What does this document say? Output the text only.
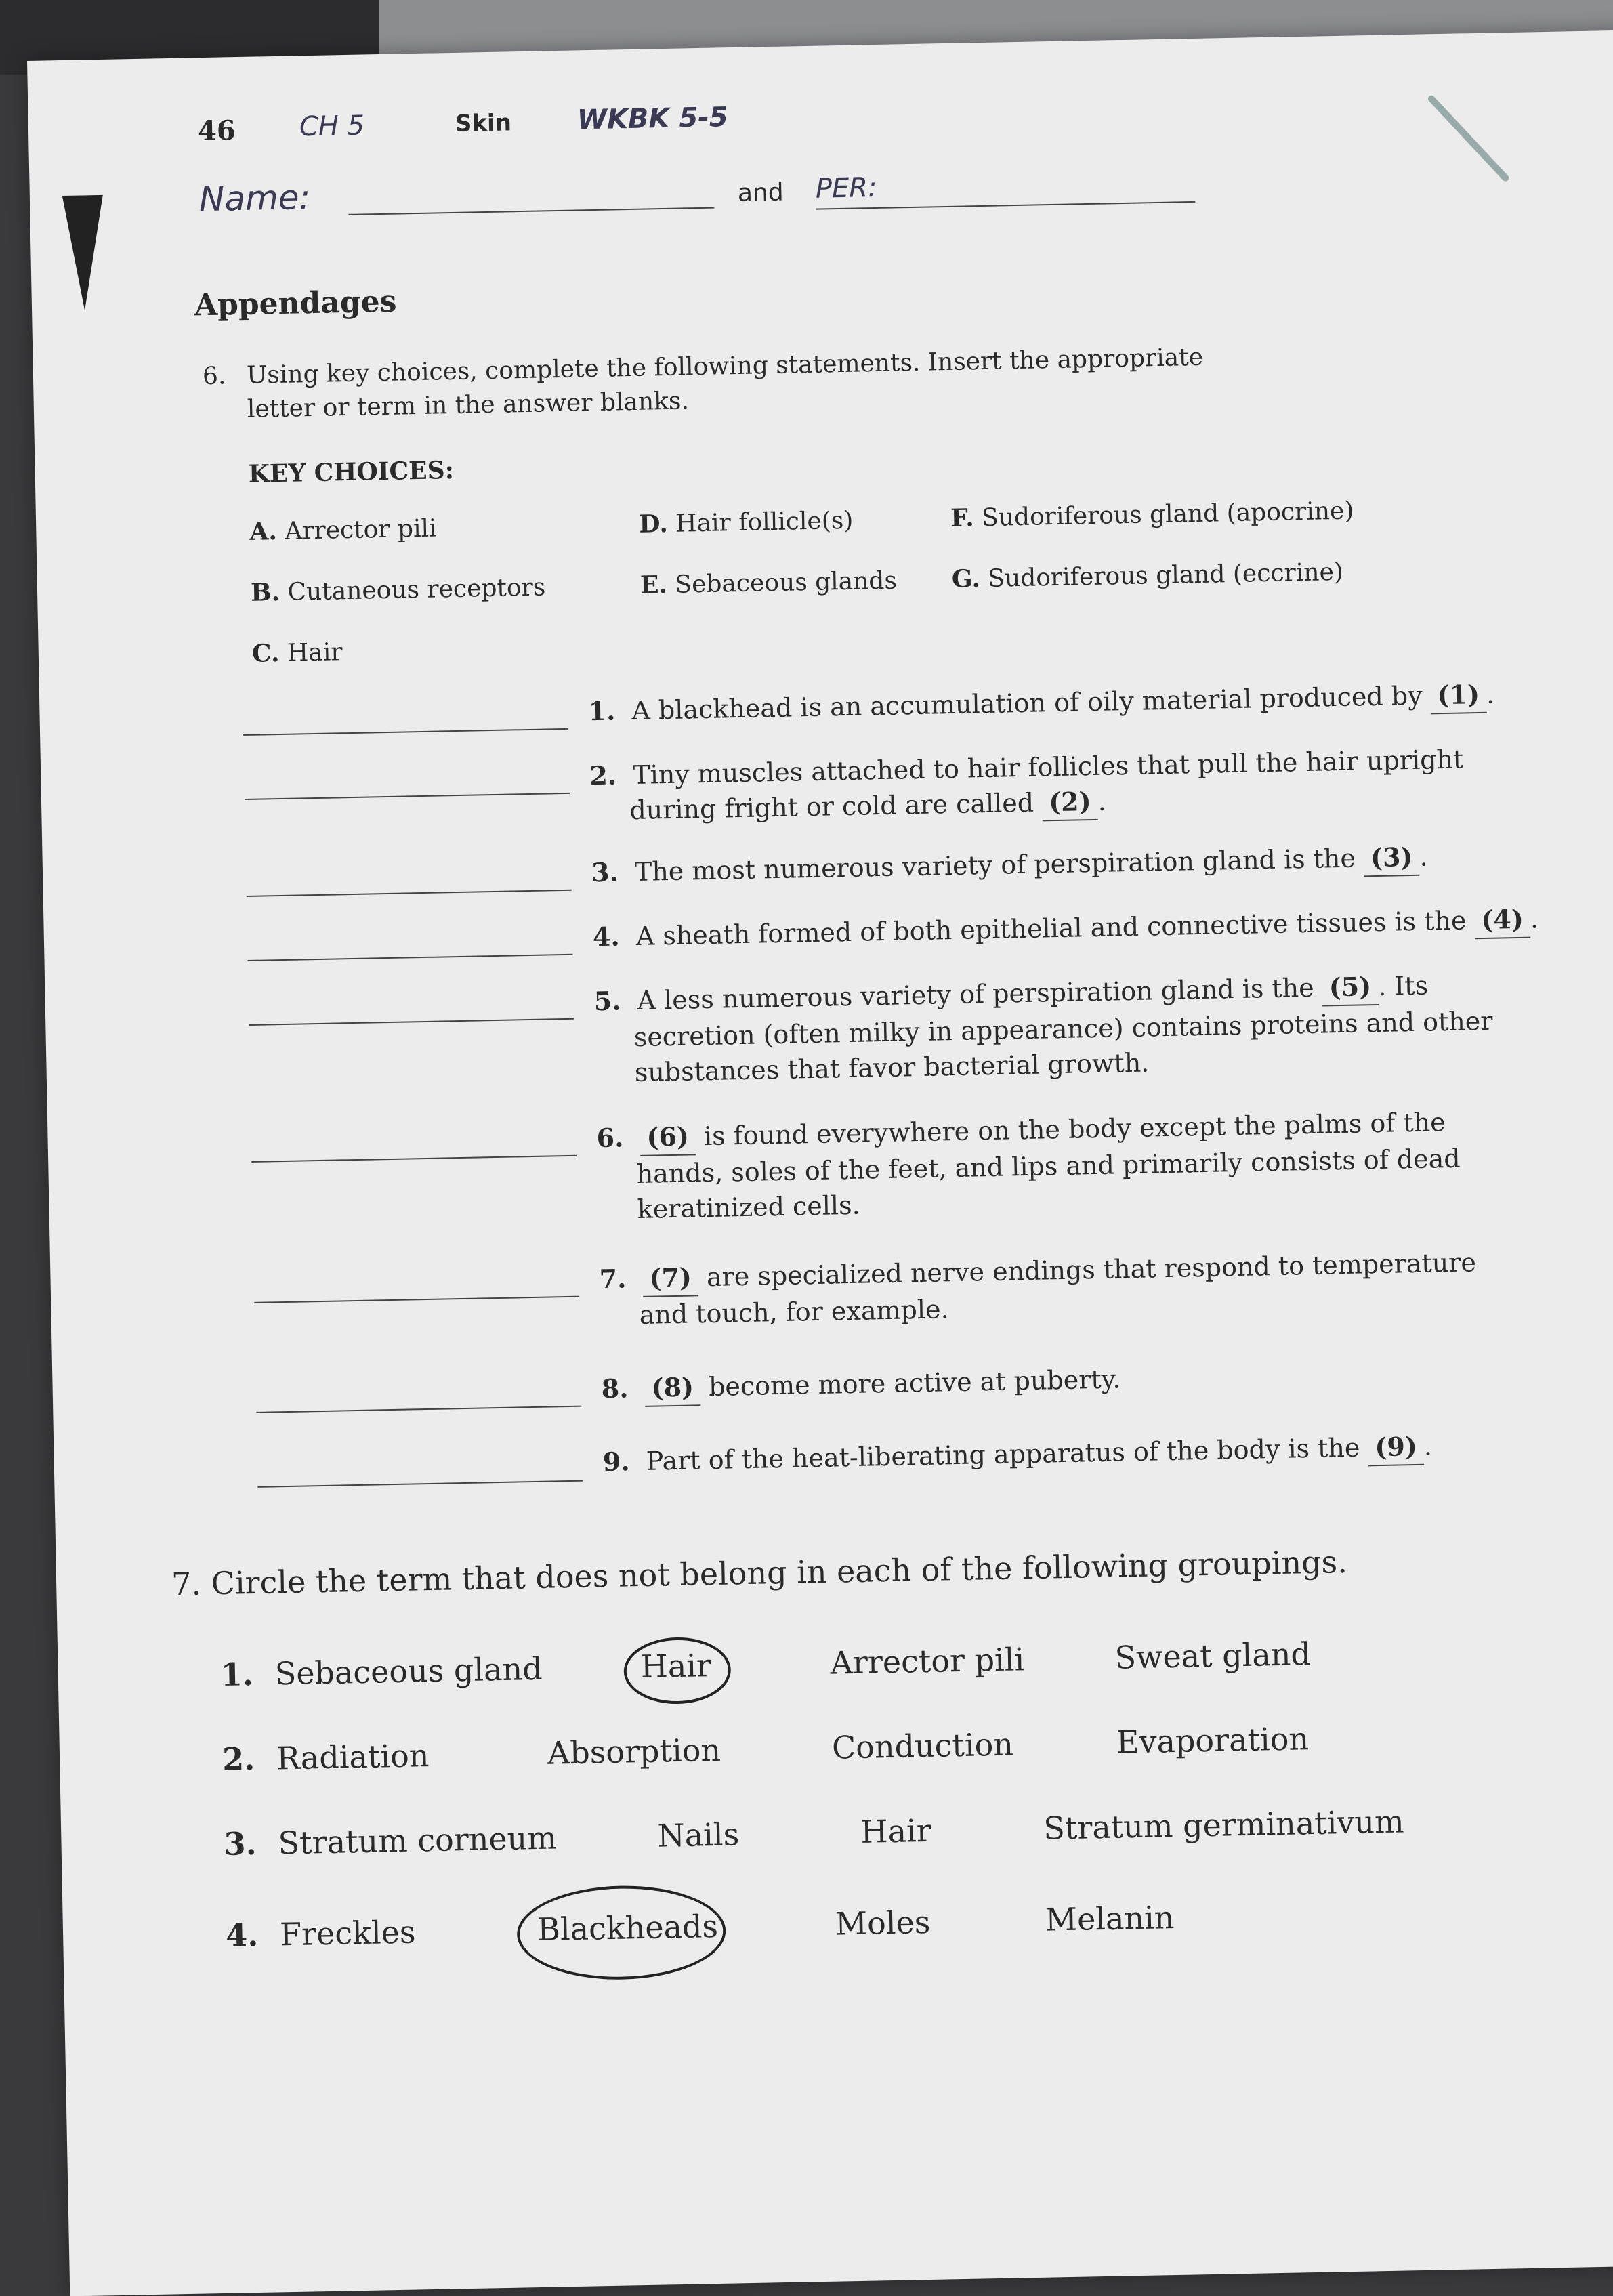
46 CH 5	Skin WKBK 5-5
Name:	and PER:
Appendages
6. Using key choices, complete the following statements. Insert the appropriate
letter or term in the answer blanks.
KEY CHOICES:
A. Arrector pili
B. Cutaneous receptors
C. Hair
D. Hair follicle(s)
E. Sebaceous glands
F. Sudoriferous gland (apocrine)
G. Sudoriferous gland (eccrine)
1. A blackhead is an accumulation of oily material produced by (1) .
2. Tiny muscles attached to hair follicles that pull the hair upright
during fright or cold are called (2) .
3. The most numerous variety of perspiration gland is the (3) .
4. A sheath formed of both epithelial and connective tissues is the (4) .
5. A less numerous variety of perspiration gland is the (5) . Its
secretion (often milky in appearance) contains proteins and other
substances that favor bacterial growth.
6. (6) is found everywhere on the body except the palms of the
hands, soles of the feet, and lips and primarily consists of dead
keratinized cells.
7. (7) are specialized nerve endings that respond to temperature
and touch, for example.
8. (8) become more active at puberty.
9. Part of the heat-liberating apparatus of the body is the (9) .
7. Circle the term that does not belong in each of the following groupings.
1. Sebaceous gland	Hair	Arrector pili	Sweat gland
2. Radiation	Absorption	Conduction	Evaporation
3. Stratum corneum	Nails	Hair	Stratum germinativum
4. Freckles	Blackheads	Moles	Melanin
